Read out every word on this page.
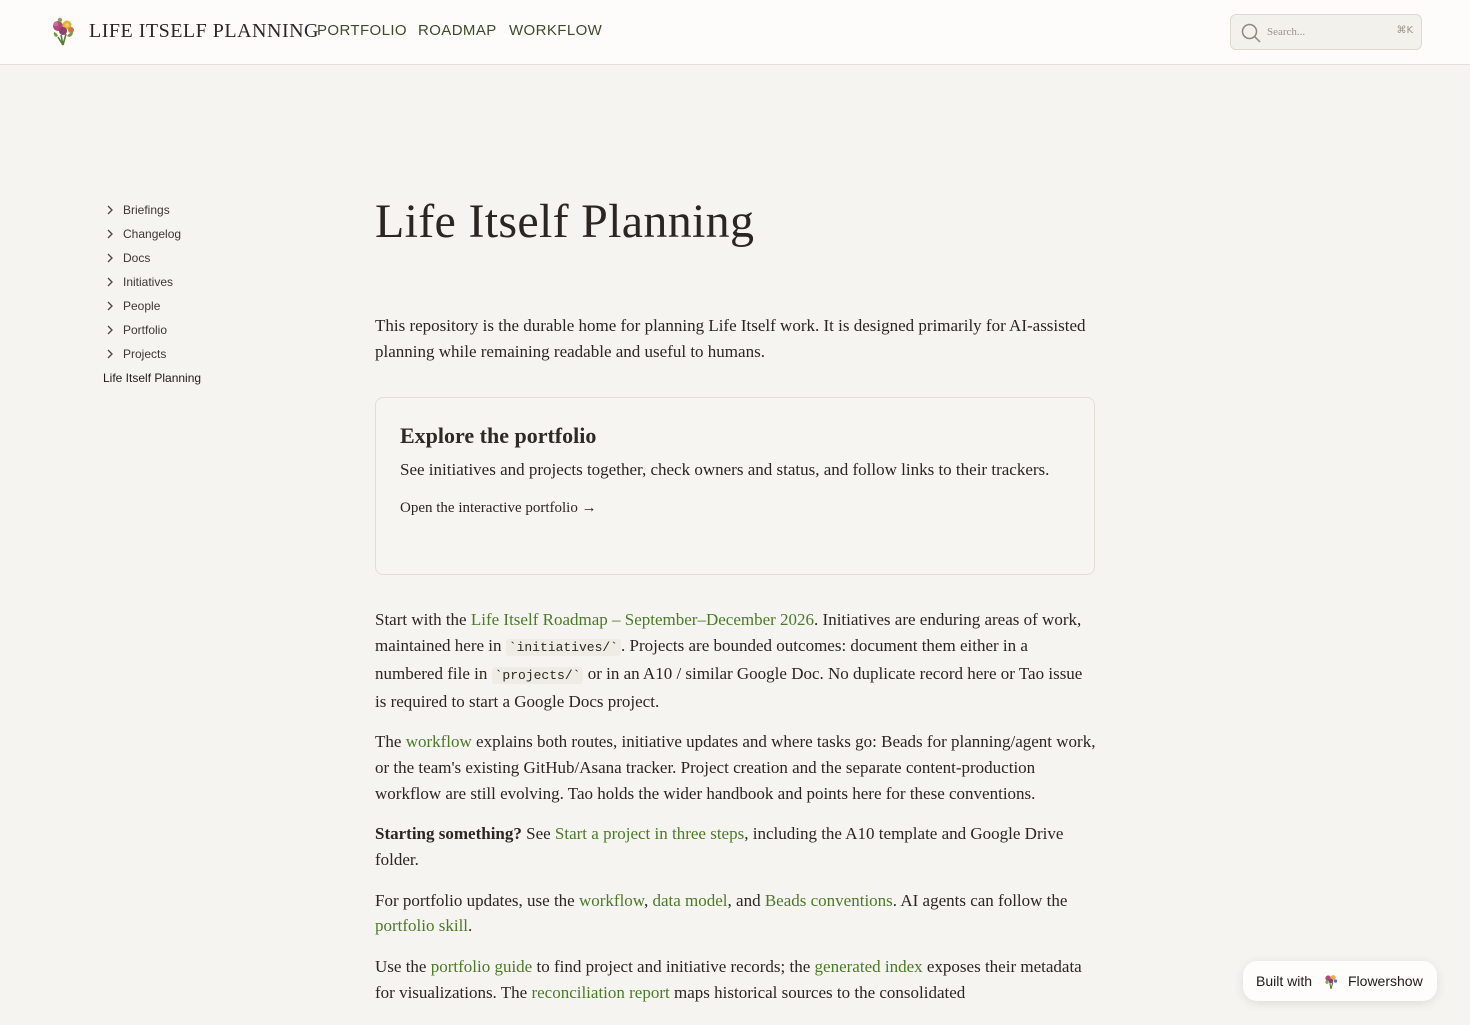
LIFE ITSELF PLANNING
PORTFOLIO ROADMAP WORKFLOW
Search...	⌘K
Briefings
Changelog
Docs
Initiatives
People
Portfolio
Projects
Life Itself Planning
Life Itself Planning

This repository is the durable home for planning Life Itself work. It is designed primarily for AI-assisted planning while remaining readable and useful to humans.

Explore the portfolio
See initiatives and projects together, check owners and status, and follow links to their trackers.
Open the interactive portfolio →

Start with the Life Itself Roadmap – September–December 2026. Initiatives are enduring areas of work, maintained here in `initiatives/` . Projects are bounded outcomes: document them either in a numbered file in `projects/` or in an A10 / similar Google Doc. No duplicate record here or Tao issue is required to start a Google Docs project.

The workflow explains both routes, initiative updates and where tasks go: Beads for planning/agent work, or the team's existing GitHub/Asana tracker. Project creation and the separate content-production workflow are still evolving. Tao holds the wider handbook and points here for these conventions.

Starting something? See Start a project in three steps, including the A10 template and Google Drive folder.

For portfolio updates, use the workflow, data model, and Beads conventions. AI agents can follow the portfolio skill.

Use the portfolio guide to find project and initiative records; the generated index exposes their metadata for visualizations. The reconciliation report maps historical sources to the consolidated

Built with	Flowershow
